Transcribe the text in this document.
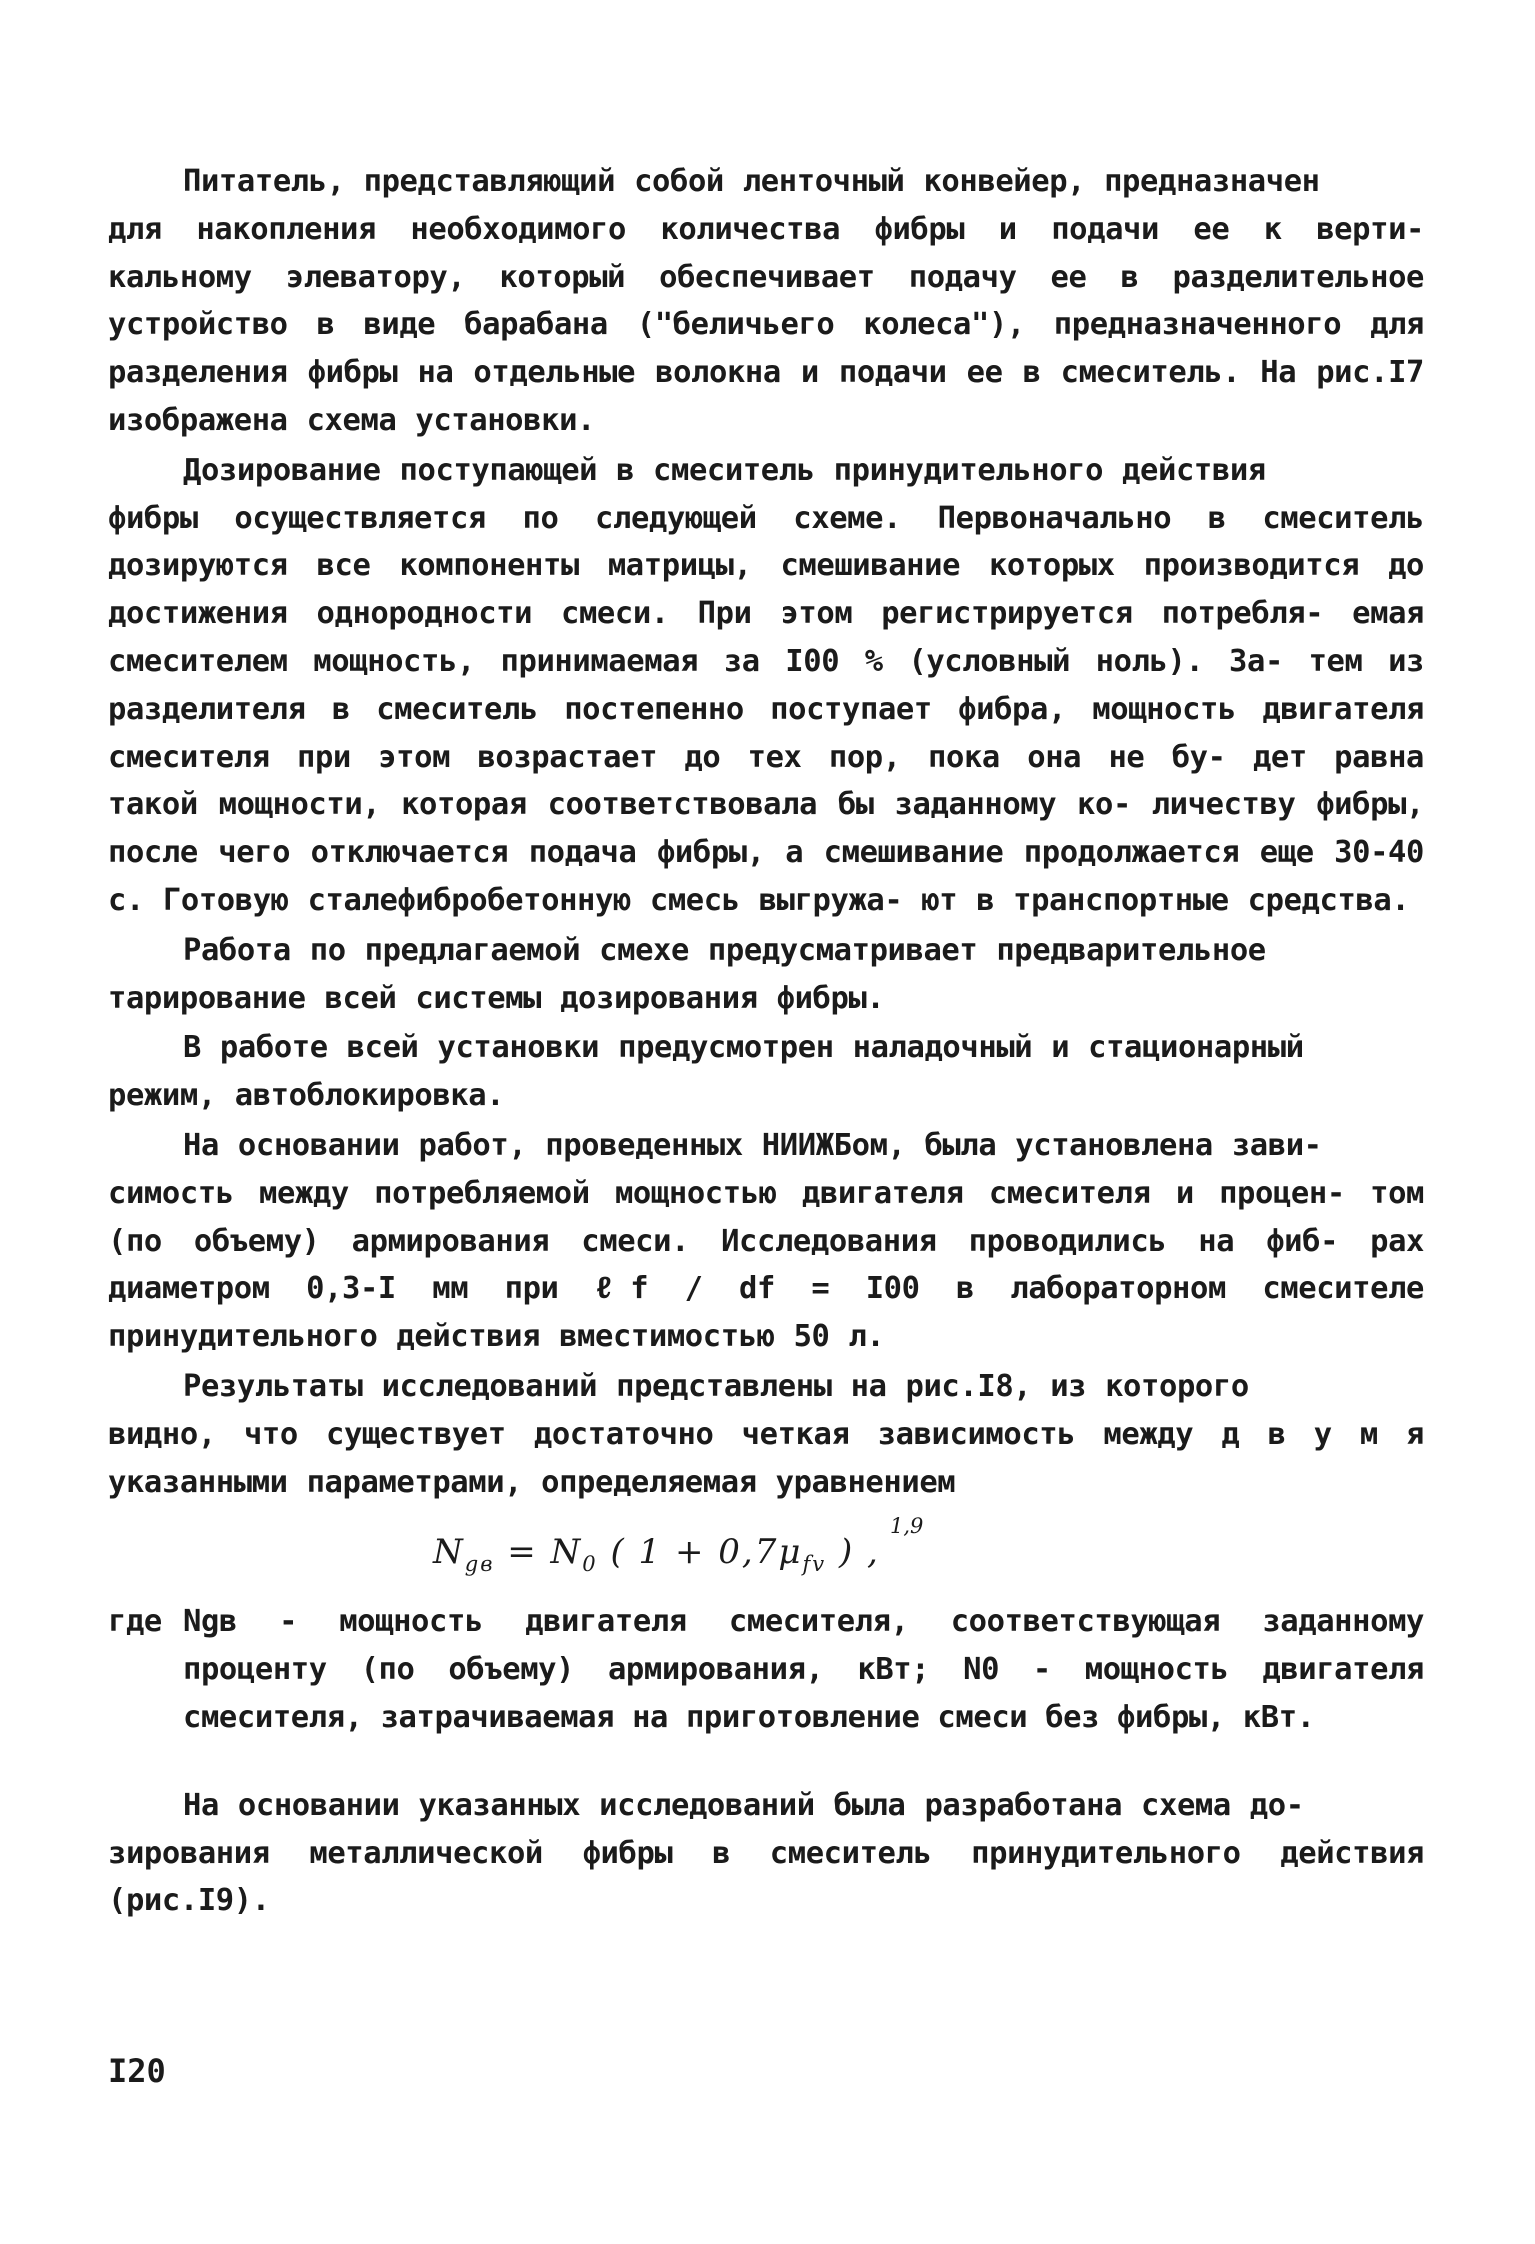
Питатель, представляющий собой ленточный конвейер, предназначен
для накопления необходимого количества фибры и подачи ее к верти- кальному элеватору, который обеспечивает подачу ее в разделительное устройство в виде барабана ("беличьего колеса"), предназначенного для разделения фибры на отдельные волокна и подачи ее в смеситель. На рис.I7 изображена схема установки.

Дозирование поступающей в смеситель принудительного действия
фибры осуществляется по следующей схеме. Первоначально в смеситель дозируются все компоненты матрицы, смешивание которых производится до достижения однородности смеси. При этом регистрируется потребля- емая смесителем мощность, принимаемая за I00 % (условный ноль). За- тем из разделителя в смеситель постепенно поступает фибра, мощность двигателя смесителя при этом возрастает до тех пор, пока она не бу- дет равна такой мощности, которая соответствовала бы заданному ко- личеству фибры, после чего отключается подача фибры, а смешивание продолжается еще 30-40 с. Готовую сталефибробетонную смесь выгружа- ют в транспортные средства.

Работа по предлагаемой смехе предусматривает предварительное
тарирование всей системы дозирования фибры.

В работе всей установки предусмотрен наладочный и стационарный
режим, автоблокировка.

На основании работ, проведенных НИИЖБом, была установлена зави-
симость между потребляемой мощностью двигателя смесителя и процен- том (по объему) армирования смеси. Исследования проводились на фиб- рах диаметром 0,3-I мм при ℓf / df = I00 в лабораторном смесителе принудительного действия вместимостью 50 л.

Результаты исследований представлены на рис.I8, из которого
видно, что существует достаточно четкая зависимость между д в у м я указанными параметрами, определяемая уравнением

$N_{gв} = N_0$ ( $1 + 0,7\mu_{fv}$ ) ,
1,9
где Ngв - мощность двигателя смесителя, соответствующая заданному проценту (по объему) армирования, кВт; N0 - мощность двигателя смесителя, затрачиваемая на приготовление смеси без фибры, кВт.

На основании указанных исследований была разработана схема до-
зирования металлической фибры в смеситель принудительного действия (рис.I9).

I20
